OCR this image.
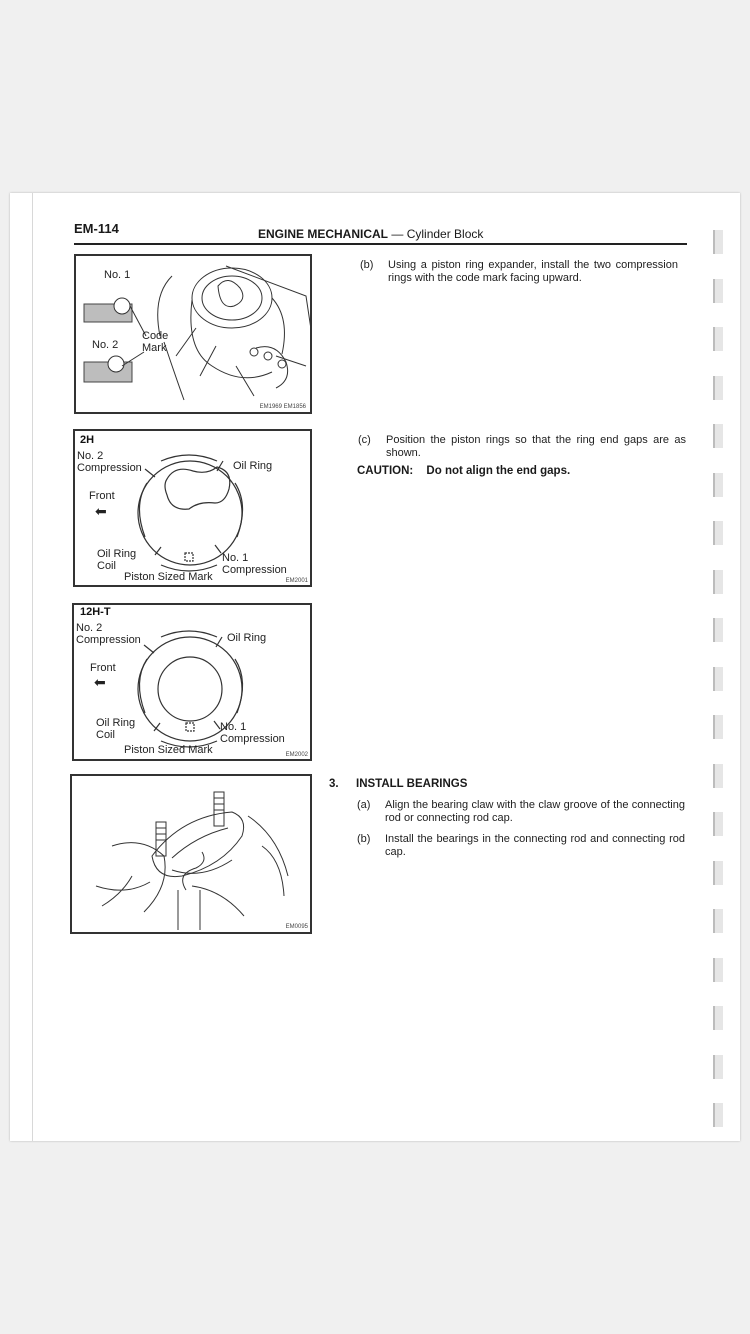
EM-114	ENGINE MECHANICAL — Cylinder Block
No. 1
No. 2
Code
Mark
EM1969 EM1856
2H
No. 2
Compression	Oil Ring
Front
⬅
Oil Ring
Coil
No. 1
Compression
Piston Sized Mark	EM2001
12H-T
No. 2
Compression	Oil Ring
Front
⬅
Oil Ring
Coil
No. 1
Compression
Piston Sized Mark	EM2002
EM0095
(b) Using a piston ring expander, install the two compression rings with the code mark facing upward.
(c) Position the piston rings so that the ring end gaps are as shown.
CAUTION: Do not align the end gaps.
3. INSTALL BEARINGS
(a) Align the bearing claw with the claw groove of the connecting rod or connecting rod cap.
(b) Install the bearings in the connecting rod and connecting rod cap.
